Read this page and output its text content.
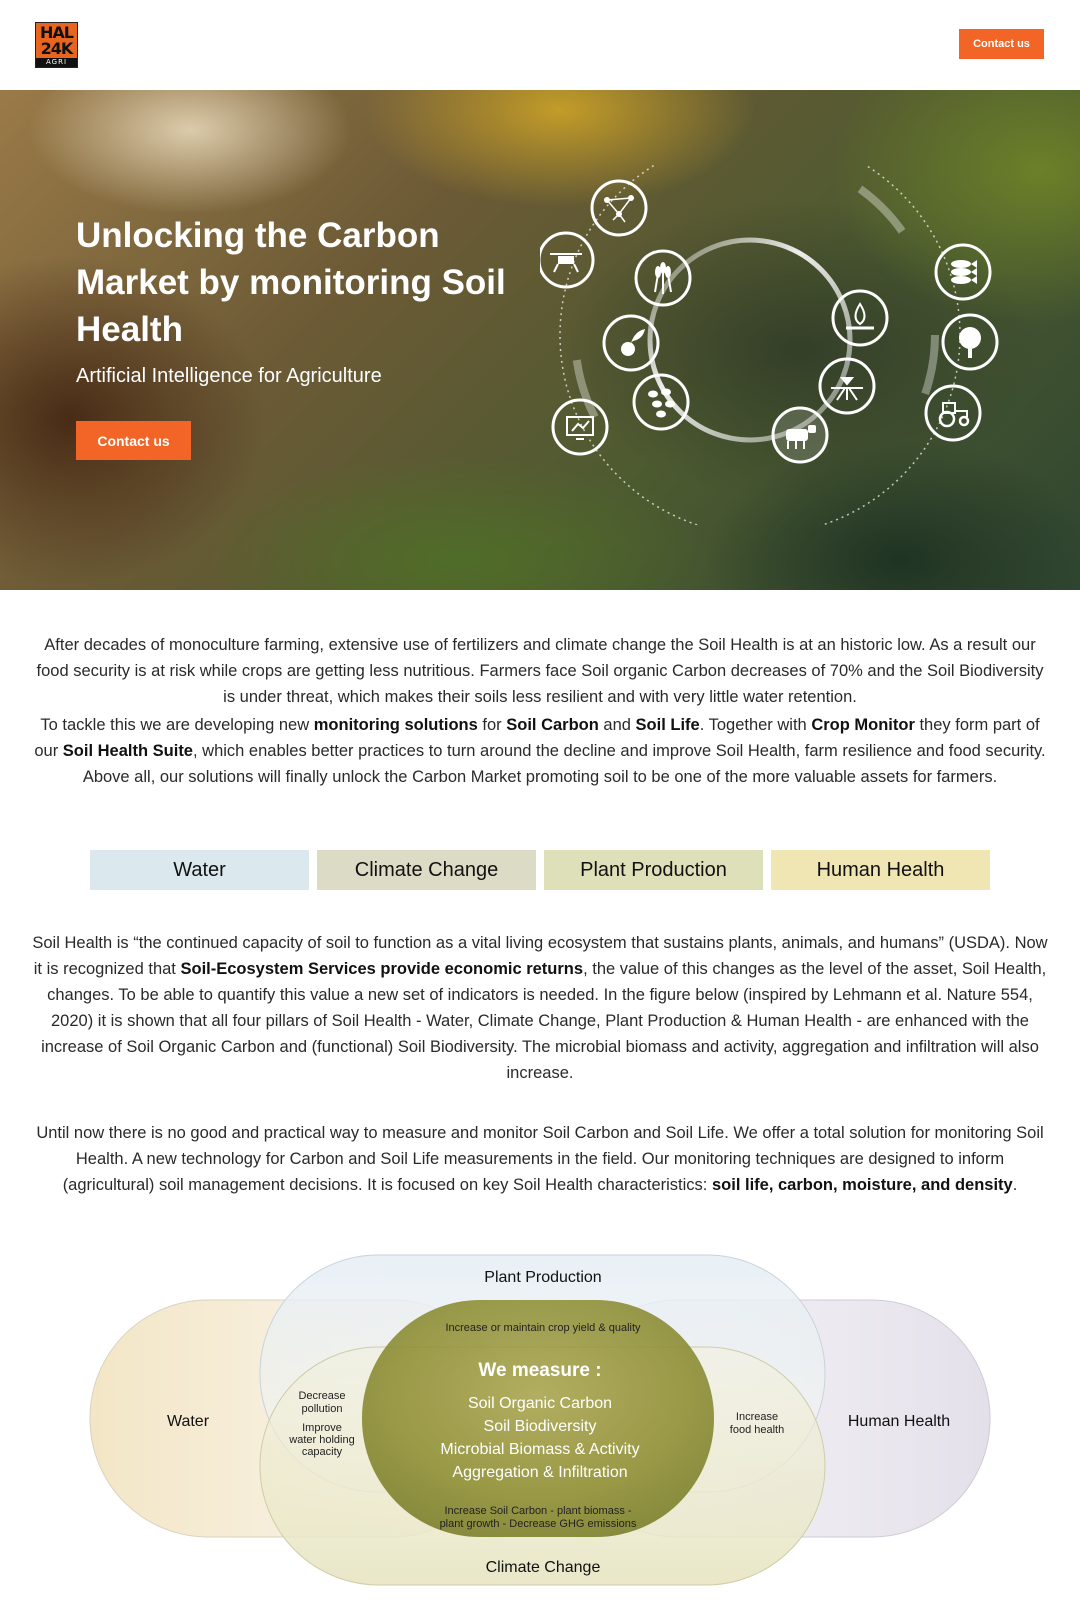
HAL
24K
AGRI
Contact us
Unlocking the Carbon Market by monitoring Soil Health
Artificial Intelligence for Agriculture
Contact us

After decades of monoculture farming, extensive use of fertilizers and climate change the Soil Health is at an historic low. As a result our food security is at risk while crops are getting less nutritious. Farmers face Soil organic Carbon decreases of 70% and the Soil Biodiversity is under threat, which makes their soils less resilient and with very little water retention.

To tackle this we are developing new monitoring solutions for Soil Carbon and Soil Life. Together with Crop Monitor they form part of our Soil Health Suite, which enables better practices to turn around the decline and improve Soil Health, farm resilience and food security. Above all, our solutions will finally unlock the Carbon Market promoting soil to be one of the more valuable assets for farmers.

Water	Climate Change	Plant Production	Human Health

Soil Health is “the continued capacity of soil to function as a vital living ecosystem that sustains plants, animals, and humans” (USDA). Now it is recognized that Soil-Ecosystem Services provide economic returns, the value of this changes as the level of the asset, Soil Health, changes. To be able to quantify this value a new set of indicators is needed. In the figure below (inspired by Lehmann et al. Nature 554, 2020) it is shown that all four pillars of Soil Health - Water, Climate Change, Plant Production & Human Health - are enhanced with the increase of Soil Organic Carbon and (functional) Soil Biodiversity. The microbial biomass and activity, aggregation and infiltration will also increase.

Until now there is no good and practical way to measure and monitor Soil Carbon and Soil Life. We offer a total solution for monitoring Soil Health. A new technology for Carbon and Soil Life measurements in the field. Our monitoring techniques are designed to inform (agricultural) soil management decisions. It is focused on key Soil Health characteristics: soil life, carbon, moisture, and density.

Plant Production
Water	Human Health
Climate Change
Increase or maintain crop yield & quality
Decrease
pollution
Improve
water holding
capacity
Increase
food health
Increase Soil Carbon - plant biomass -
plant growth - Decrease GHG emissions
We measure :
Soil Organic Carbon
Soil Biodiversity
Microbial Biomass & Activity
Aggregation & Infiltration
